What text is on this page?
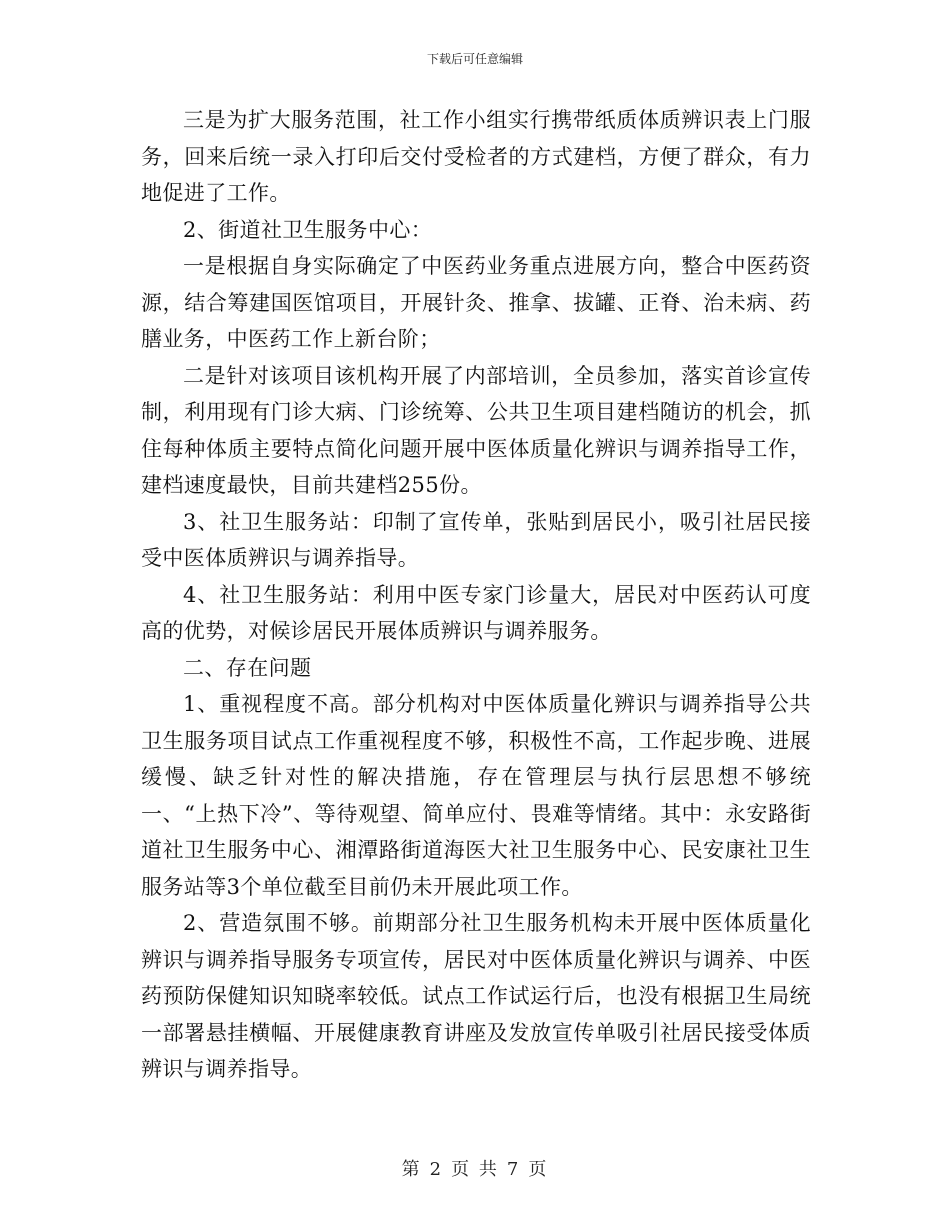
下载后可任意编辑

三是为扩大服务范围，社工作小组实行携带纸质体质辨识表上门服务，回来后统一录入打印后交付受检者的方式建档，方便了群众，有力地促进了工作。

2、街道社卫生服务中心：

一是根据自身实际确定了中医药业务重点进展方向，整合中医药资源，结合筹建国医馆项目，开展针灸、推拿、拔罐、正脊、治未病、药膳业务，中医药工作上新台阶；

二是针对该项目该机构开展了内部培训，全员参加，落实首诊宣传制，利用现有门诊大病、门诊统筹、公共卫生项目建档随访的机会，抓住每种体质主要特点简化问题开展中医体质量化辨识与调养指导工作，建档速度最快，目前共建档255份。

3、社卫生服务站：印制了宣传单，张贴到居民小，吸引社居民接受中医体质辨识与调养指导。

4、社卫生服务站：利用中医专家门诊量大，居民对中医药认可度高的优势，对候诊居民开展体质辨识与调养服务。

二、存在问题

1、重视程度不高。部分机构对中医体质量化辨识与调养指导公共卫生服务项目试点工作重视程度不够，积极性不高，工作起步晚、进展缓慢、缺乏针对性的解决措施，存在管理层与执行层思想不够统一、“上热下冷”、等待观望、简单应付、畏难等情绪。其中：永安路街道社卫生服务中心、湘潭路街道海医大社卫生服务中心、民安康社卫生服务站等3个单位截至目前仍未开展此项工作。

2、营造氛围不够。前期部分社卫生服务机构未开展中医体质量化辨识与调养指导服务专项宣传，居民对中医体质量化辨识与调养、中医药预防保健知识知晓率较低。试点工作试运行后，也没有根据卫生局统一部署悬挂横幅、开展健康教育讲座及发放宣传单吸引社居民接受体质辨识与调养指导。

第 2 页 共 7 页
